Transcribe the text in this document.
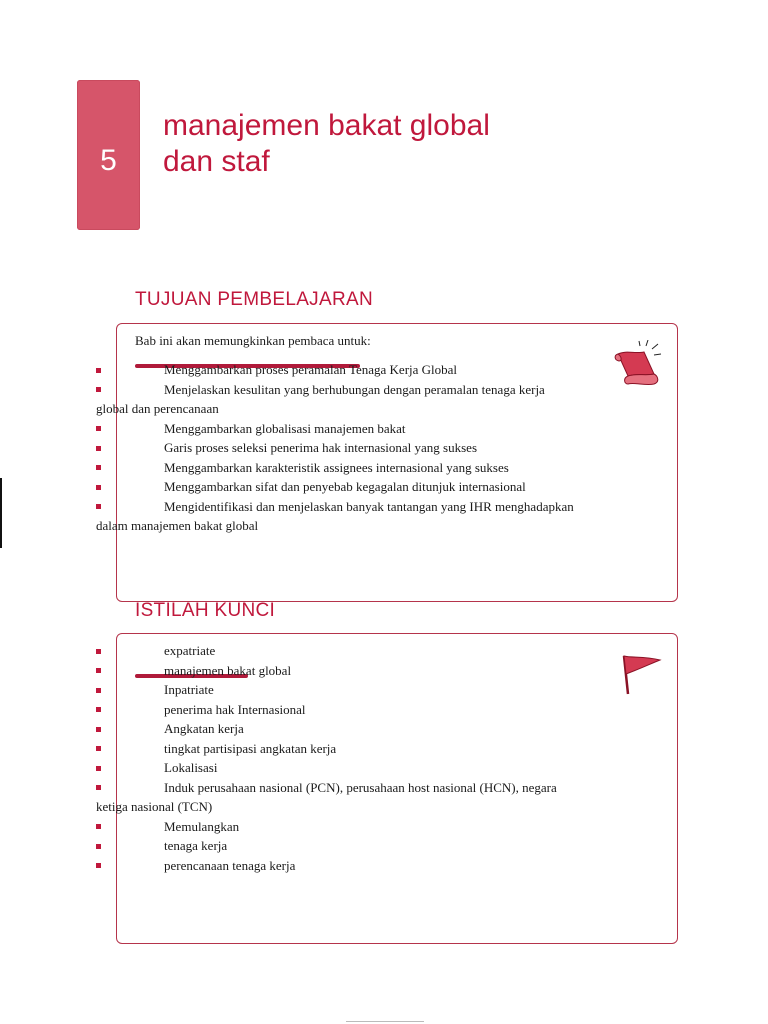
5
manajemen bakat global
dan staf
TUJUAN PEMBELAJARAN
Bab ini akan memungkinkan pembaca untuk:
Menggambarkan proses peramalan Tenaga Kerja Global
Menjelaskan kesulitan yang berhubungan dengan peramalan tenaga kerja
global dan perencanaan
Menggambarkan globalisasi manajemen bakat
Garis proses seleksi penerima hak internasional yang sukses
Menggambarkan karakteristik assignees internasional yang sukses
Menggambarkan sifat dan penyebab kegagalan ditunjuk internasional
Mengidentifikasi dan menjelaskan banyak tantangan yang IHR menghadapkan
dalam manajemen bakat global
ISTILAH KUNCI
expatriate
manajemen bakat global
Inpatriate
penerima hak Internasional
Angkatan kerja
tingkat partisipasi angkatan kerja
Lokalisasi
Induk perusahaan nasional (PCN), perusahaan host nasional (HCN), negara
ketiga nasional (TCN)
Memulangkan
tenaga kerja
perencanaan tenaga kerja
